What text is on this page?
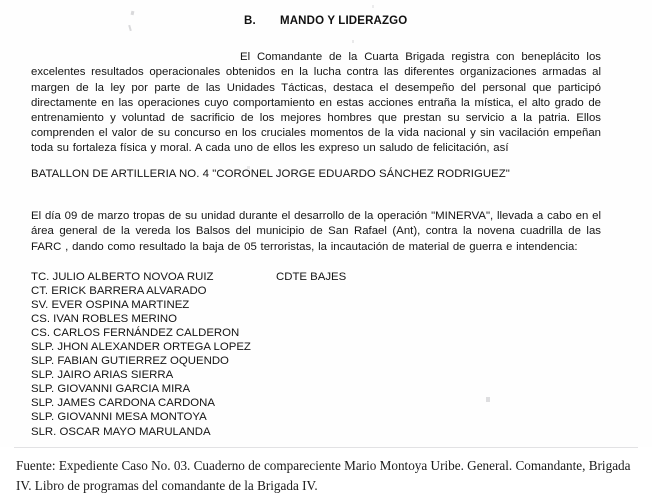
B. MANDO Y LIDERAZGO

El Comandante de la Cuarta Brigada registra con beneplácito los excelentes resultados operacionales obtenidos en la lucha contra las diferentes organizaciones armadas al margen de la ley por parte de las Unidades Tácticas, destaca el desempeño del personal que participó directamente en las operaciones cuyo comportamiento en estas acciones entraña la mística, el alto grado de entrenamiento y voluntad de sacrificio de los mejores hombres que prestan su servicio a la patria. Ellos comprenden el valor de su concurso en los cruciales momentos de la vida nacional y sin vacilación empeñan toda su fortaleza física y moral. A cada uno de ellos les expreso un saludo de felicitación, así

BATALLON DE ARTILLERIA NO. 4 "CORONEL JORGE EDUARDO SÁNCHEZ RODRIGUEZ"

El día 09 de marzo tropas de su unidad durante el desarrollo de la operación "MINERVA", llevada a cabo en el área general de la vereda los Balsos del municipio de San Rafael (Ant), contra la novena cuadrilla de las FARC , dando como resultado la baja de 05 terroristas, la incautación de material de guerra e intendencia:

TC. JULIO ALBERTO NOVOA RUIZ	CDTE BAJES
CT. ERICK BARRERA ALVARADO
SV. EVER OSPINA MARTINEZ
CS. IVAN ROBLES MERINO
CS. CARLOS FERNÁNDEZ CALDERON
SLP. JHON ALEXANDER ORTEGA LOPEZ
SLP. FABIAN GUTIERREZ OQUENDO
SLP. JAIRO ARIAS SIERRA
SLP. GIOVANNI GARCIA MIRA
SLP. JAMES CARDONA CARDONA
SLP. GIOVANNI MESA MONTOYA
SLR. OSCAR MAYO MARULANDA
Fuente: Expediente Caso No. 03. Cuaderno de compareciente Mario Montoya Uribe. General. Comandante, Brigada IV. Libro de programas del comandante de la Brigada IV.
